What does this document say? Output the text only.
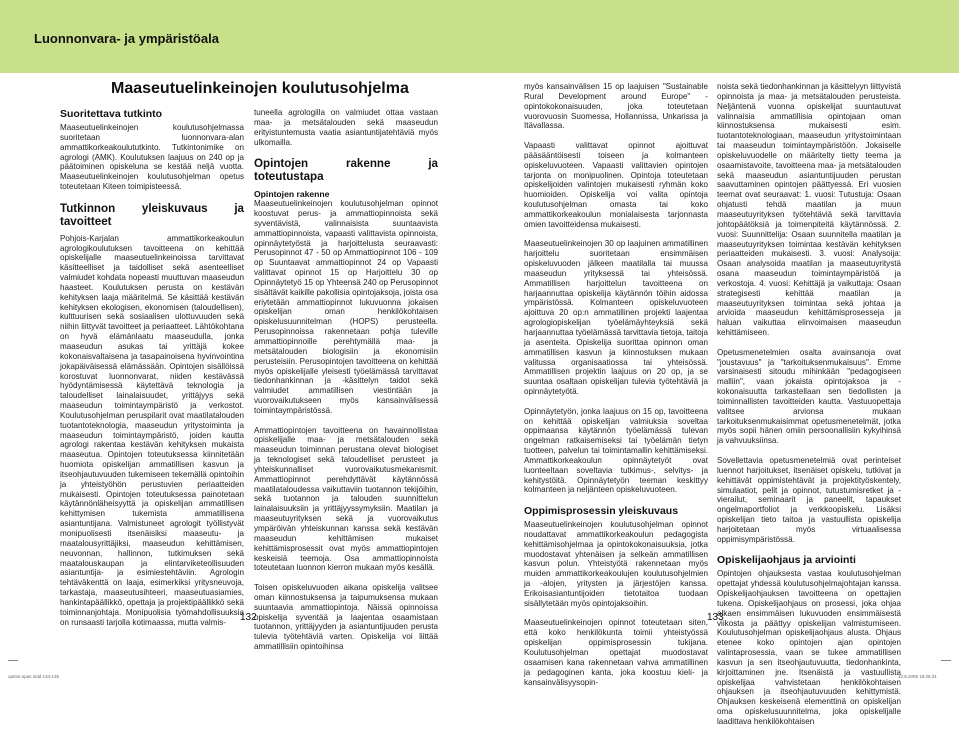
Luonnonvara- ja ympäristöala
Maaseutuelinkeinojen koulutusohjelma
Suoritettava tutkinto

Maaseutuelinkeinojen koulutusohjelmassa suoritetaan luonnonvara-alan ammattikorkeakoulututkinto. Tutkintonimike on agrologi (AMK). Koulutuksen laajuus on 240 op ja päätoiminen opiskeluna se kestää neljä vuotta. Maaseutuelinkeinojen koulutusohjelman opetus toteutetaan Kiteen toimipisteessä.

Tutkinnon yleiskuvaus ja tavoitteet

Pohjois-Karjalan ammattikorkeakoulun agrologikoulutuksen tavoitteena on kehittää opiskelijalle maaseutuelinkeinoissa tarvittavat käsitteelliset ja taidolliset sekä asenteelliset valmiudet kohdata nopeasti muuttuvan maaseudun haasteet. Koulutuksen perusta on kestävän kehityksen laaja määritelmä. Se käsittää kestävän kehityksen ekologisen, ekonomisen (taloudellisen), kulttuurisen sekä sosiaalisen ulottuvuuden sekä niihin liittyvät tavoitteet ja periaatteet. Lähtökohtana on hyvä elämänlaatu maaseudulla, jonka maaseudun asukas tai yrittäjä kokee kokonaisvaltaisena ja tasapainoisena hyvinvointina jokapäiväisessä elämässään. Opintojen sisällöissä korostuvat luonnonvarat, niiden kestävässä hyödyntämisessä käytettävä teknologia ja taloudelliset lainalaisuudet, yrittäjyys sekä maaseudun toimintaympäristö ja verkostot. Koulutusohjelman peruspilarit ovat maatilatalouden tuotantoteknologia, maaseudun yritystoiminta ja maaseudun toimintaympäristö, joiden kautta agrologi rakentaa kestävän kehityksen mukaista maaseutua. Opintojen toteutuksessa kiinnitetään huomiota opiskelijan ammatillisen kasvun ja itseohjautuvuuden tukemiseen tekemällä opintoihin ja yhteistyöhön perustuvien periaatteiden mukaisesti. Opintojen toteutuksessa painotetaan käytännönläheisyyttä ja opiskelijan ammatillisen kehittymisen tukemista ammatillisena asiantuntijana. Valmistuneet agrologit työllistyvät monipuolisesti itsenäisiksi maaseutu- ja maatalousyrittäjiksi, maaseudun kehittämisen, neuvonnan, hallinnon, tutkimuksen sekä maatalouskaupan ja elintarviketeollisuuden asiantuntija- ja esimiestehtäviin. Agrologin tehtäväkenttä on laaja, esimerkiksi yritysneuvoja, tarkastaja, maaseutusihteeri, maaseutuasiamies, hankintapäällikkö, opettaja ja projektipäällikkö sekä toiminnanjohtaja. Monipuolisia työmahdollisuuksia on runsaasti tarjolla kotimaassa, mutta valmis-

tuneella agrologilla on valmiudet ottaa vastaan maa- ja metsätalouden sekä maaseudun erityistuntemusta vaatia asiantuntijatehtäviä myös ulkomailla.

Opintojen rakenne ja toteutustapa
Opintojen rakenne

Maaseutuelinkeinojen koulutusohjelman opinnot koostuvat perus- ja ammattiopinnoista sekä syventävistä, valinnaisista suuntaavista ammattiopinnoista, vapaasti valittavista opinnoista, opinnäytetyöstä ja harjoittelusta seuraavasti: Perusopinnot 47 - 50 op Ammattiopinnot 106 - 109 op Suuntaavat ammattiopinnot 24 op Vapaasti valittavat opinnot 15 op Harjoittelu 30 op Opinnäytetyö 15 op Yhteensä 240 op Perusopinnot sisältävät kaikille pakollisia opintojaksoja, joista osa eriytetään ammattiopinnot lukuvuonna jokaisen opiskelijan oman henkilökohtaisen opiskelusuunnitelman (HOPS) perusteella. Perusopinnoissa rakennetaan pohja tuleville ammattiopinnoille perehtymällä maa- ja metsätalouden biologisiin ja ekonomisiin perusteisiin. Perusopintojen tavoitteena on kehittää myös opiskelijalle yleisesti työelämässä tarvittavat tiedonhankinnan ja -käsittelyn taidot sekä valmiudet ammatillisen viestintään ja vuorovaikutukseen myös kansainvälisessä toimintaympäristössä.

Ammattiopintojen tavoitteena on havainnollistaa opiskelijalle maa- ja metsätalouden sekä maaseudun toiminnan perustana olevat biologiset ja teknologiset sekä taloudelliset perusteet ja yhteiskunnalliset vuorovaikutusmekanismit. Ammattiopinnot perehdyttävät käytännössä maatilataloudessa vaikuttaviin tuotannon tekijöihin, sekä tuotannon ja talouden suunnittelun lainalaisuuksiin ja yrittäjyyssymyksiin. Maatilan ja maaseutuyrityksen sekä ja vuorovaikutus ympäröivän yhteiskunnan kanssa sekä kestävän maaseudun kehittämisen mukaiset kehittämisprosessit ovat myös ammattiopintojen keskeisiä teemoja. Osa ammattiopinnoista toteutetaan luonnon kierron mukaan myös kesällä.

Toisen opiskeluvuoden aikana opiskelija valitsee oman kiinnostuksensa ja taipumuksensa mukaan suuntaavia ammattiopintoja. Näissä opinnoissa opiskelija syventää ja laajentaa osaamistaan tuotannon, yrittäjyyden ja asiantuntijuuden perusta tulevia työtehtäviä varten. Opiskelija voi liittää ammatillisiin opintoihinsa

myös kansainvälisen 15 op laajuisen "Sustainable Rural Development around Europe" -opintokokonaisuuden, joka toteutetaan vuorovuosin Suomessa, Hollannissa, Unkarissa ja Itävallassa.

Vapaasti valittavat opinnot ajoittuvat pääsääntöisesti toiseen ja kolmanteen opiskeluvuoteen. Vapaasti valittavien opintojen tarjonta on monipuolinen. Opintoja toteutetaan opiskelijoiden valintojen mukaisesti ryhmän koko huomioiden. Opiskelija voi valita opintoja koulutusohjelman omasta tai koko ammattikorkeakoulun monialaisesta tarjonnasta omien tavoitteidensa mukaisesti.

Maaseutuelinkeinojen 30 op laajuinen ammatillinen harjoittelu suoritetaan ensimmäisen opiskeluvuoden jälkeen maatilalla tai muussa maaseudun yrityksessä tai yhteisössä. Ammatillisen harjoittelun tavoitteena on harjaannuttaa opiskelija käytännön töihin aidossa ympäristössä. Kolmanteen opiskeluvuoteen ajoittuva 20 op:n ammatillinen projekti laajentaa agrologiopiskelijan työelämäyhteyksiä sekä harjaannuttaa työelämässä tarvittavia tietoja, taitoja ja asenteita. Opiskelija suorittaa opinnon oman ammatillisen kasvun ja kiinnostuksen mukaan valitussa organisaatiossa tai yhteisössä. Ammatillisen projektin laajuus on 20 op, ja se suuntaa osaltaan opiskelijan tulevia työtehtäviä ja opinnäytetyötä.

Opinnäytetyön, jonka laajuus on 15 op, tavoitteena on kehittää opiskelijan valmiuksia soveltaa oppimaansa käytännön työelämässä tulevan ongelman ratkaisemiseksi tai työelämän tietyn tuotteen, palvelun tai toimintamallin kehittämiseksi. Ammattikorkeakoulun opinnäytetyöt ovat luonteeltaan soveltavia tutkimus-, selvitys- ja kehitystöitä. Opinnäytetyön teeman keskittyy kolmanteen ja neljänteen opiskeluvuoteen.

Oppimisprosessin yleiskuvaus

Maaseutuelinkeinojen koulutusohjelman opinnot noudattavat ammattikorkeakoulun pedagogista kehittämisohjelmaa ja opintokokonaisuuksia, jotka muodostavat yhtenäisen ja selkeän ammatillisen kasvun polun. Yhteistyötä rakennetaan myös muiden ammattikorkeakoulujen koulutusohjelmien ja -alojen, yritysten ja järjestöjen kanssa. Erikoisasiantuntijoiden tietotaitoa tuodaan sisällytetään myös opintojaksoihin.

Maaseutuelinkeinojen opinnot toteutetaan siten, että koko henkilökunta toimii yhteistyössä opiskelijan oppimisprosessin tukijana. Koulutusohjelman opettajat muodostavat osaamisen kana rakennetaan vahva ammatillinen ja pedagoginen kanta, joka koostuu kieli- ja kansainvälisyysopin-

noista sekä tiedonhankinnan ja käsittelyyn liittyvistä opinnoista ja maa- ja metsätalouden perusteista. Neljäntenä vuonna opiskelijat suuntautuvat valinnaisia ammatillisia opintojaan oman kiinnostuksensa mukaisesti esim. tuotantoteknologiaan, maaseudun yritystoimintaan tai maaseudun toimintaympäristöön. Jokaiselle opiskeluvuodelle on määritelty tietty teema ja osaamistavoite, tavoitteena maa- ja metsätalouden sekä maaseudun asiantuntijuuden perustan saavuttaminen opintojen päättyessä. Eri vuosien teemat ovat seuraavat: 1. vuosi: Tutustuja: Osaan ohjatusti tehdä maatilan ja muun maaseutuyrityksen työtehtäviä sekä tarvittavia johtopäätöksiä ja toimenpiteitä käytännössä. 2. vuosi: Suunnittelija: Osaan suunnitella maatilan ja maaseutuyrityksen toimintaa kestävän kehityksen periaatteiden mukaisesti. 3. vuosi: Analysoija: Osaan analysoida maatilan ja maaseutuyritystä osana maaseudun toimintaympäristöä ja verkostoja. 4. vuosi: Kehittäjä ja vaikuttaja: Osaan strategisesti kehittää maatilan ja maaseutuyrityksen toimintaa sekä johtaa ja arvioida maaseudun kehittämisprosesseja ja haluan vaikuttaa elinvoimaisen maaseudun kehittämiseen.

Opetusmenetelmien osalta avainsanoja ovat "joustavuus" ja "tarkoituksenmukaisuus". Emme varsinaisesti sitoudu mihinkään "pedagogiseen malliin", vaan jokaista opintojaksoa ja -kokonaisuutta tarkastellaan sen tiedollisten ja toiminnallisten tavoitteiden kautta. Vastuuopettaja valitsee arvionsa mukaan tarkoituksenmukaisimmat opetusmenetelmät, jotka myös sopii hänen omiin persoonallisiin kykyihinsä ja vahvuuksiinsa.

Sovellettavia opetusmenetelmiä ovat perinteiset luennot harjoitukset, itsenäiset opiskelu, tutkivat ja kehittävät oppimistehtävät ja projektityöskentely, simulaatiot, pelit ja opinnot, tutustumisretket ja -vierailut, seminaarit ja paneelit, tapaukset ongelmaportfoliot ja verkkoopiskelu. Lisäksi opiskelijan tieto taitoa ja vastuullista opiskelija harjoitetaan myös virtuaalisessa oppimisympäristössä.

Opiskelijaohjaus ja arviointi

Opintojen ohjauksesta vastaa koulutusohjelman opettajat yhdessä koulutusohjelmajohtajan kanssa. Opiskelijaohjauksen tavoitteena on opettajien tukena. Opiskelijaohjaus on prosessi, joka ohjaa alkaen ensimmäisen lukuvuoden ensimmäisestä viikosta ja päättyy opiskelijan valmistumiseen. Koulutusohjelman opiskelijaohjaus alusta. Ohjaus etenee koko opintojen ajan opintojen valintaprosessia, vaan se tukee ammatillisen kasvun ja sen itseohjautuvuutta, tiedonhankinta, kirjoittaminen jne. Itsenäistä ja vastuullista opiskelijaa vahvistetaan henkilökohtaisen ohjauksen ja itseohjautuvuuden kehittymistä. Ohjauksen keskeisenä elementtinä on opiskelijan oma opiskelusuunnitelma, joka opiskelijalle laadittava henkilökohtaisen

132	133
opinto-opas.indd 134-135	12.8.2008 15:26:31
